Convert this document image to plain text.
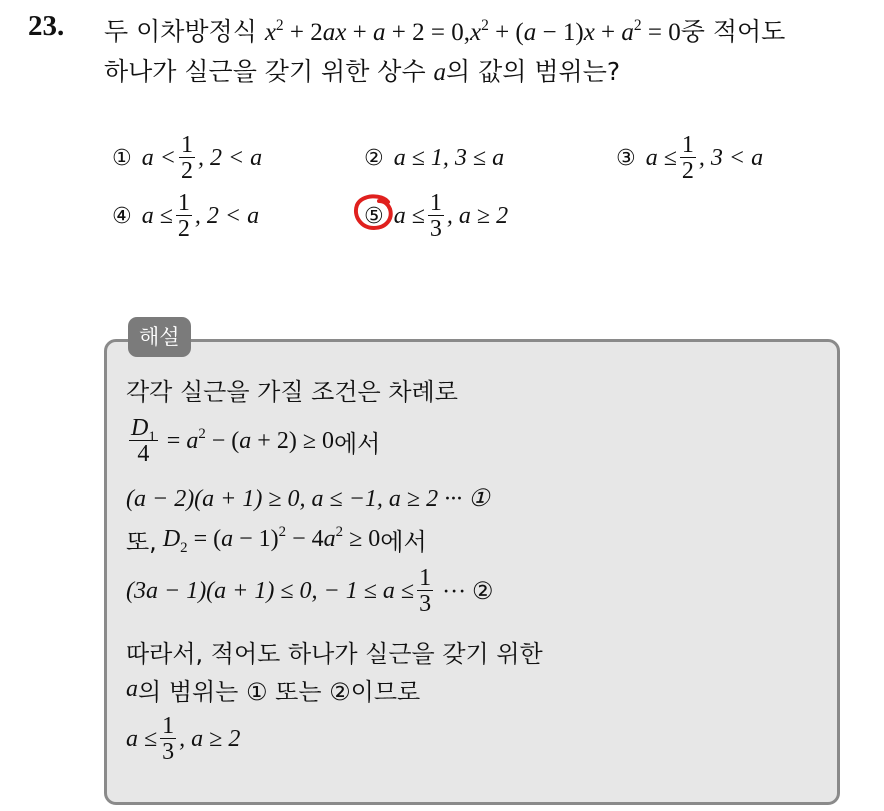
23. 두 이차방정식 $x^2 + 2ax + a + 2 = 0,x^2 + (a - 1)x + a^2 = 0$중 적어도
하나가 실근을 갖기 위한 상수 a의 값의 범위는?
① $a < \frac{1}{2}$ , 2 < a	② a ≤ 1, 3 ≤ a	③ $a \le \frac{1}{2}$ , 3 < a
④ $a \le \frac{1}{2}$ , 2 < a	⑤ $a \le \frac{1}{3}$ , a ≥ 2
해설
각각 실근을 가질 조건은 차례로
$\frac{D_1}{4} = a^2 - (a + 2) \ge 0$ 에서
(a − 2)(a + 1) ≥ 0, a ≤ −1, a ≥ 2 ··· ①
또, $D_2 = (a - 1)^2 - 4a^2 \ge 0$ 에서
(3a − 1)(a + 1) ≤ 0, − $1 \le a \le \frac{1}{3}$
··· ②
따라서, 적어도 하나가 실근을 갖기 위한
a 의 범위는 ① 또는 ②이므로
$a \le \frac{1}{3}$ , a ≥ 2
